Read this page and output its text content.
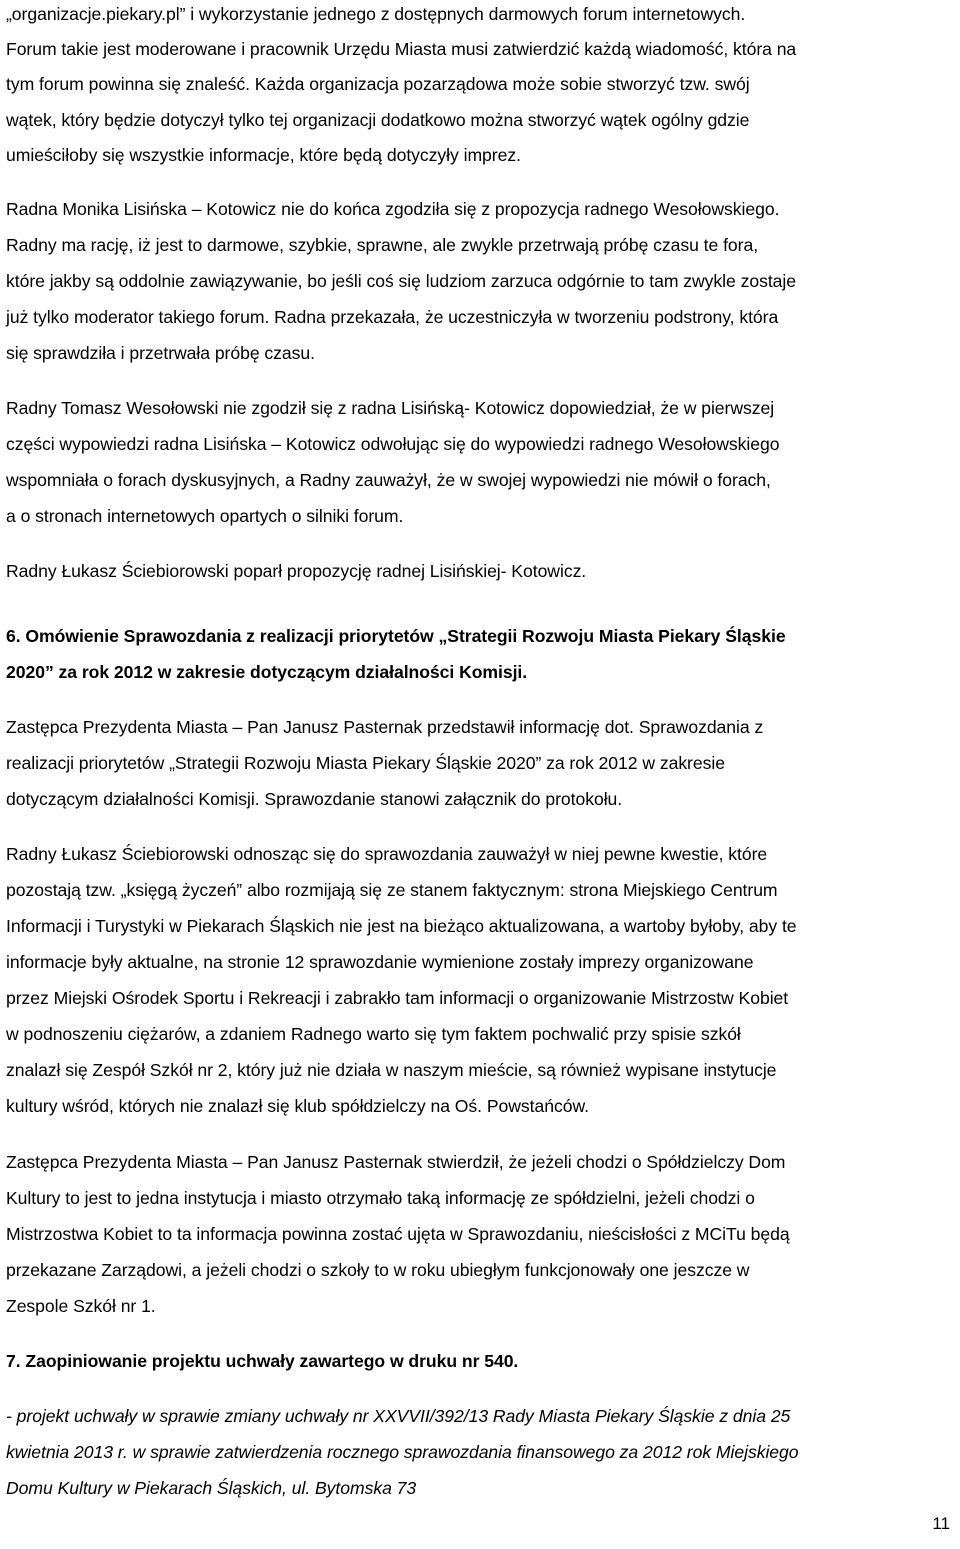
„organizacje.piekary.pl” i wykorzystanie jednego z dostępnych darmowych forum internetowych.
Forum takie jest moderowane i pracownik Urzędu Miasta musi zatwierdzić każdą wiadomość, która na
tym forum powinna się znaleść. Każda organizacja pozarządowa może sobie stworzyć tzw. swój
wątek, który będzie dotyczył tylko tej organizacji dodatkowo można stworzyć wątek ogólny gdzie
umieściłoby się wszystkie informacje, które będą dotyczyły imprez.
Radna Monika Lisińska – Kotowicz nie do końca zgodziła się z propozycja radnego Wesołowskiego.
Radny ma rację, iż jest to darmowe, szybkie, sprawne, ale zwykle przetrwają próbę czasu te fora,
które jakby są oddolnie zawiązywanie, bo jeśli coś się ludziom zarzuca odgórnie to tam zwykle zostaje
już tylko moderator takiego forum. Radna przekazała, że uczestniczyła w tworzeniu podstrony, która
się sprawdziła i przetrwała próbę czasu.
Radny Tomasz Wesołowski nie zgodził się z radna Lisińską- Kotowicz dopowiedział, że w pierwszej
części wypowiedzi radna Lisińska – Kotowicz odwołując się do wypowiedzi radnego Wesołowskiego
wspomniała o forach dyskusyjnych, a Radny zauważył, że w swojej wypowiedzi nie mówił o forach,
a o stronach internetowych opartych o silniki forum.
Radny Łukasz Ściebiorowski poparł propozycję radnej Lisińskiej- Kotowicz.
6. Omówienie Sprawozdania z realizacji priorytetów „Strategii Rozwoju Miasta Piekary Śląskie
2020” za rok 2012 w zakresie dotyczącym działalności Komisji.
Zastępca Prezydenta Miasta – Pan Janusz Pasternak przedstawił informację dot. Sprawozdania z
realizacji priorytetów „Strategii Rozwoju Miasta Piekary Śląskie 2020” za rok 2012 w zakresie
dotyczącym działalności Komisji. Sprawozdanie stanowi załącznik do protokołu.
Radny Łukasz Ściebiorowski odnosząc się do sprawozdania zauważył w niej pewne kwestie, które
pozostają tzw. „księgą życzeń” albo rozmijają się ze stanem faktycznym: strona Miejskiego Centrum
Informacji i Turystyki w Piekarach Śląskich nie jest na bieżąco aktualizowana, a wartoby byłoby, aby te
informacje były aktualne, na stronie 12 sprawozdanie wymienione zostały imprezy organizowane
przez Miejski Ośrodek Sportu i Rekreacji i zabrakło tam informacji o organizowanie Mistrzostw Kobiet
w podnoszeniu ciężarów, a zdaniem Radnego warto się tym faktem pochwalić przy spisie szkół
znalazł się Zespół Szkół nr 2, który już nie działa w naszym mieście, są również wypisane instytucje
kultury wśród, których nie znalazł się klub spółdzielczy na Oś. Powstańców.
Zastępca Prezydenta Miasta – Pan Janusz Pasternak stwierdził, że jeżeli chodzi o Spółdzielczy Dom
Kultury to jest to jedna instytucja i miasto otrzymało taką informację ze spółdzielni, jeżeli chodzi o
Mistrzostwa Kobiet to ta informacja powinna zostać ujęta w Sprawozdaniu, nieścisłości z MCiTu będą
przekazane Zarządowi, a jeżeli chodzi o szkoły to w roku ubiegłym funkcjonowały one jeszcze w
Zespole Szkół nr 1.
7. Zaopiniowanie projektu uchwały zawartego w druku nr 540.
- projekt uchwały w sprawie zmiany uchwały nr XXVVII/392/13 Rady Miasta Piekary Śląskie z dnia 25
kwietnia 2013 r. w sprawie zatwierdzenia rocznego sprawozdania finansowego za 2012 rok Miejskiego
Domu Kultury w Piekarach Śląskich, ul. Bytomska 73
11
